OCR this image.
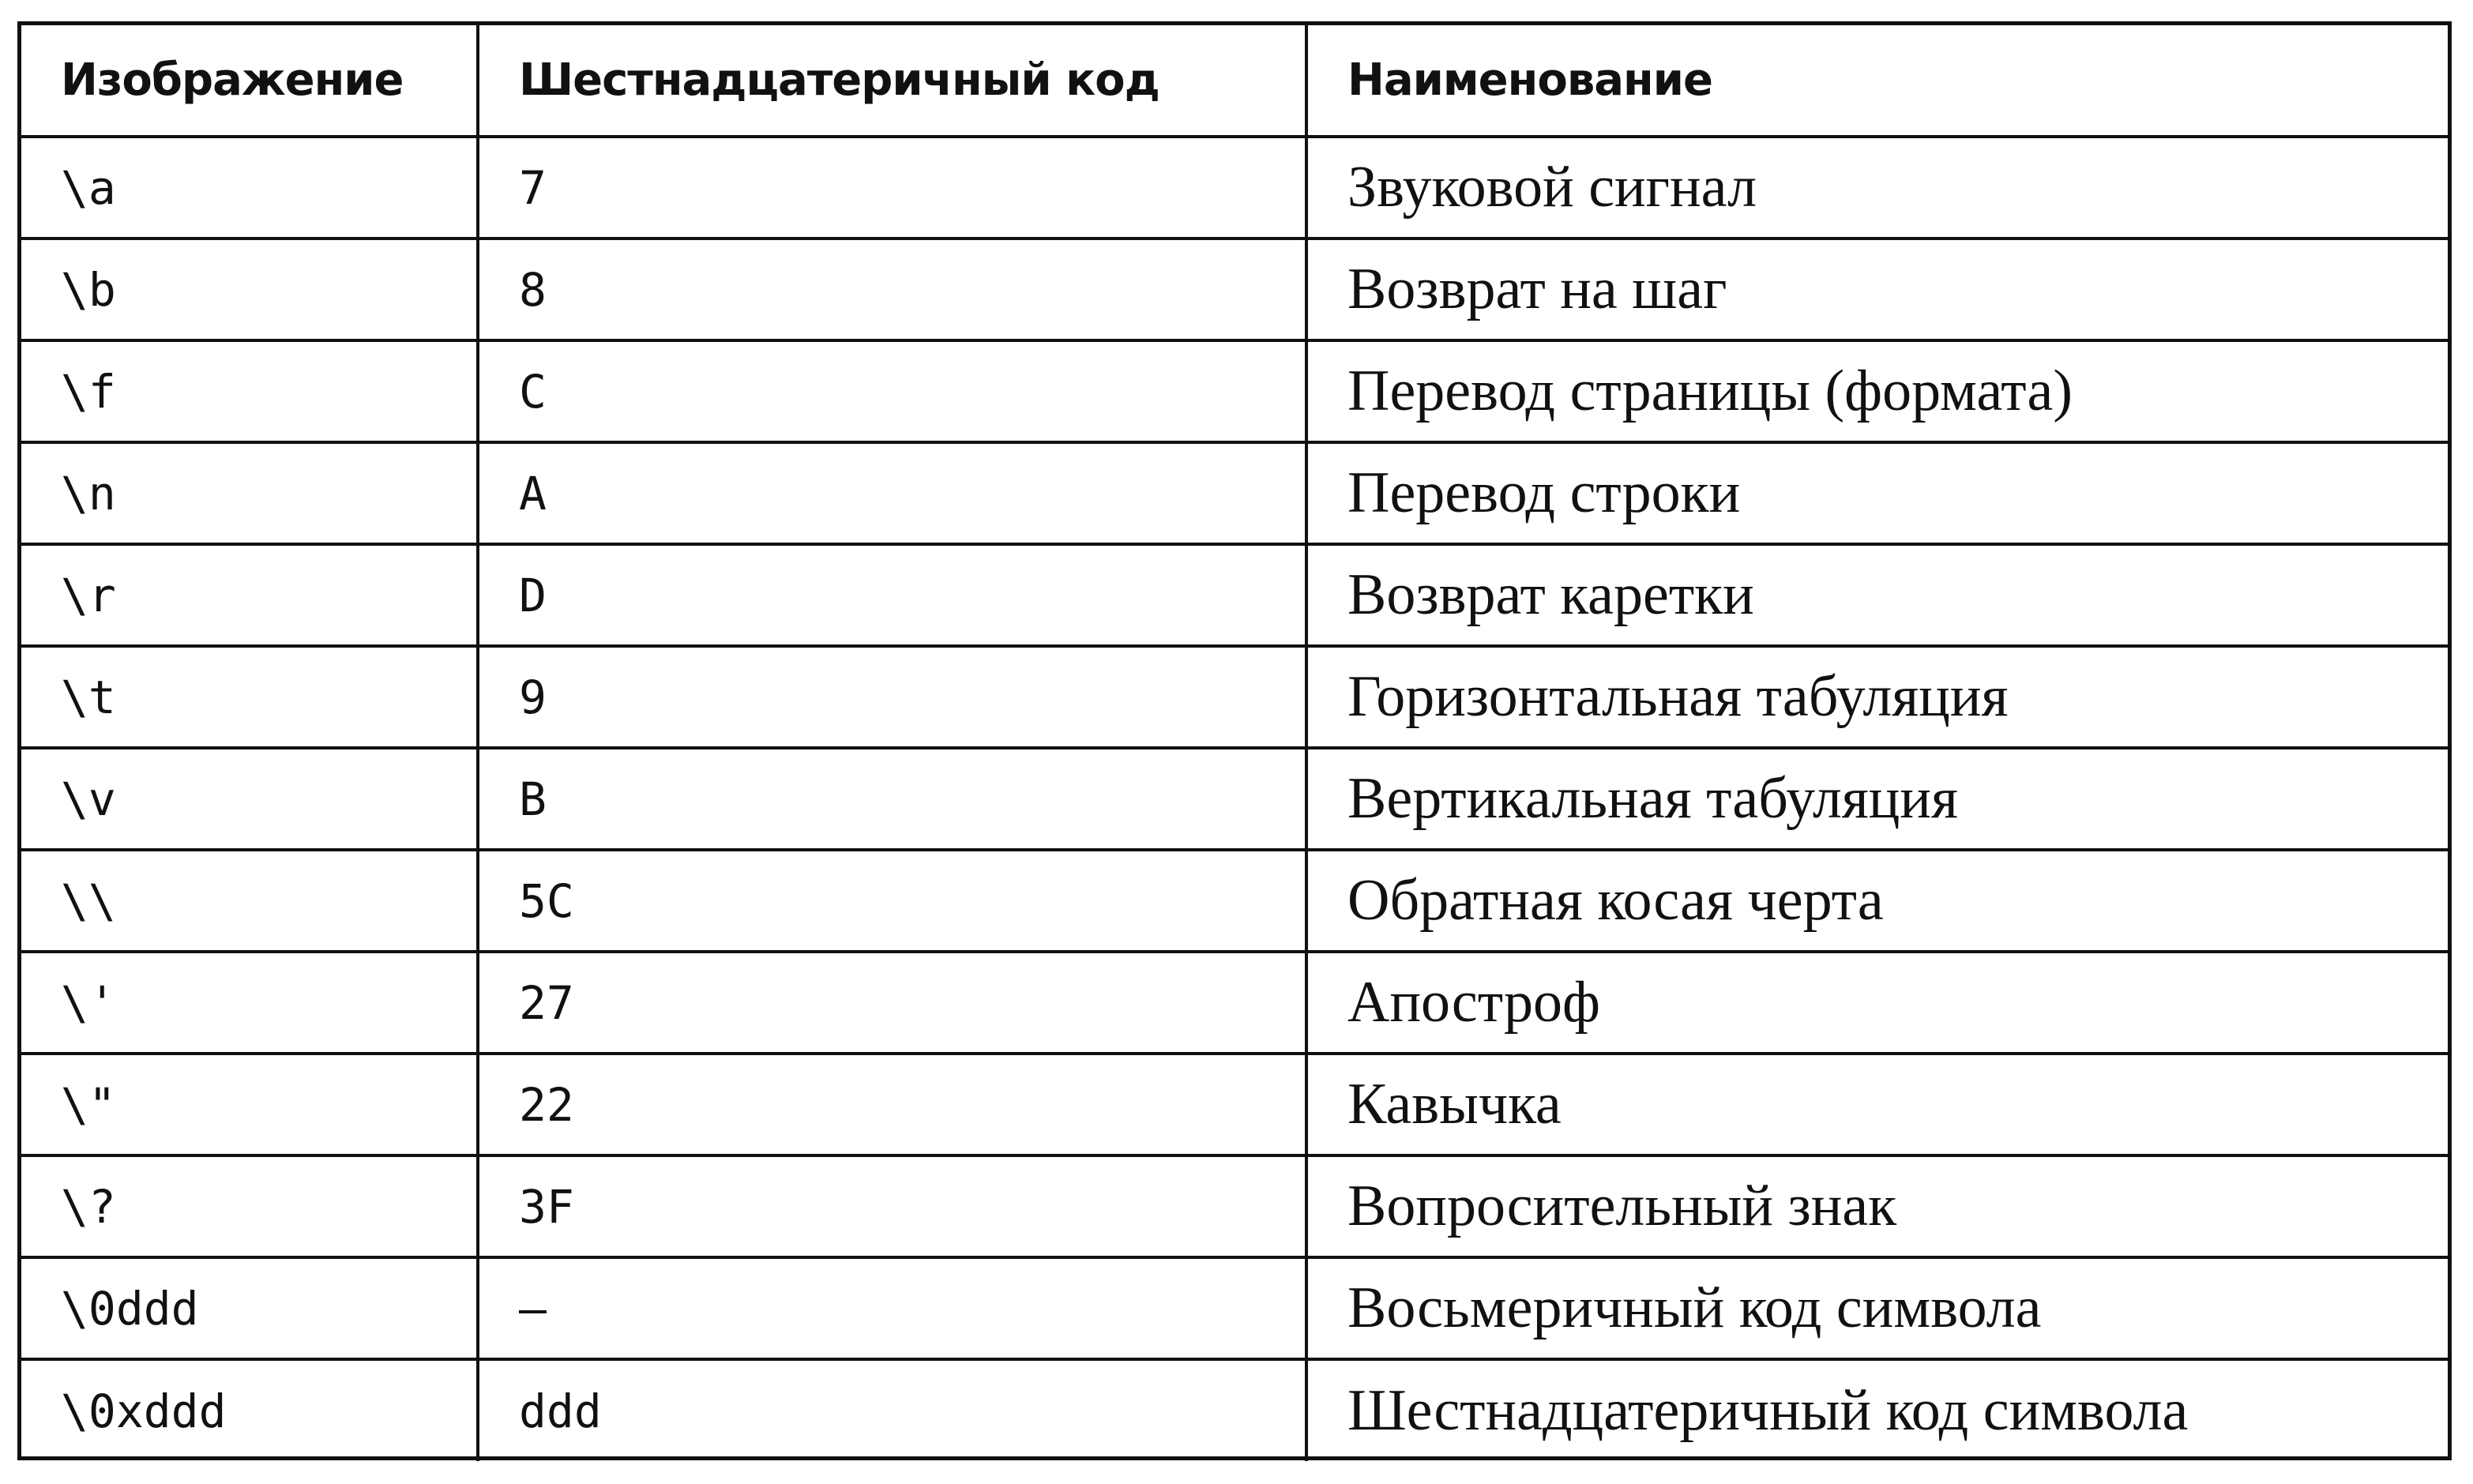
Изображение	Шестнадцатеричный код	Наименование
\a	7	Звуковой сигнал
\b	8	Возврат на шаг
\f	C	Перевод страницы (формата)
\n	A	Перевод строки
\r	D	Возврат каретки
\t	9	Горизонтальная табуляция
\v	B	Вертикальная табуляция
\\	5C	Обратная косая черта
\'	27	Апостроф
\"	22	Кавычка
\?	3F	Вопросительный знак
\0ddd	—	Восьмеричный код символа
\0xddd	ddd	Шестнадцатеричный код символа
